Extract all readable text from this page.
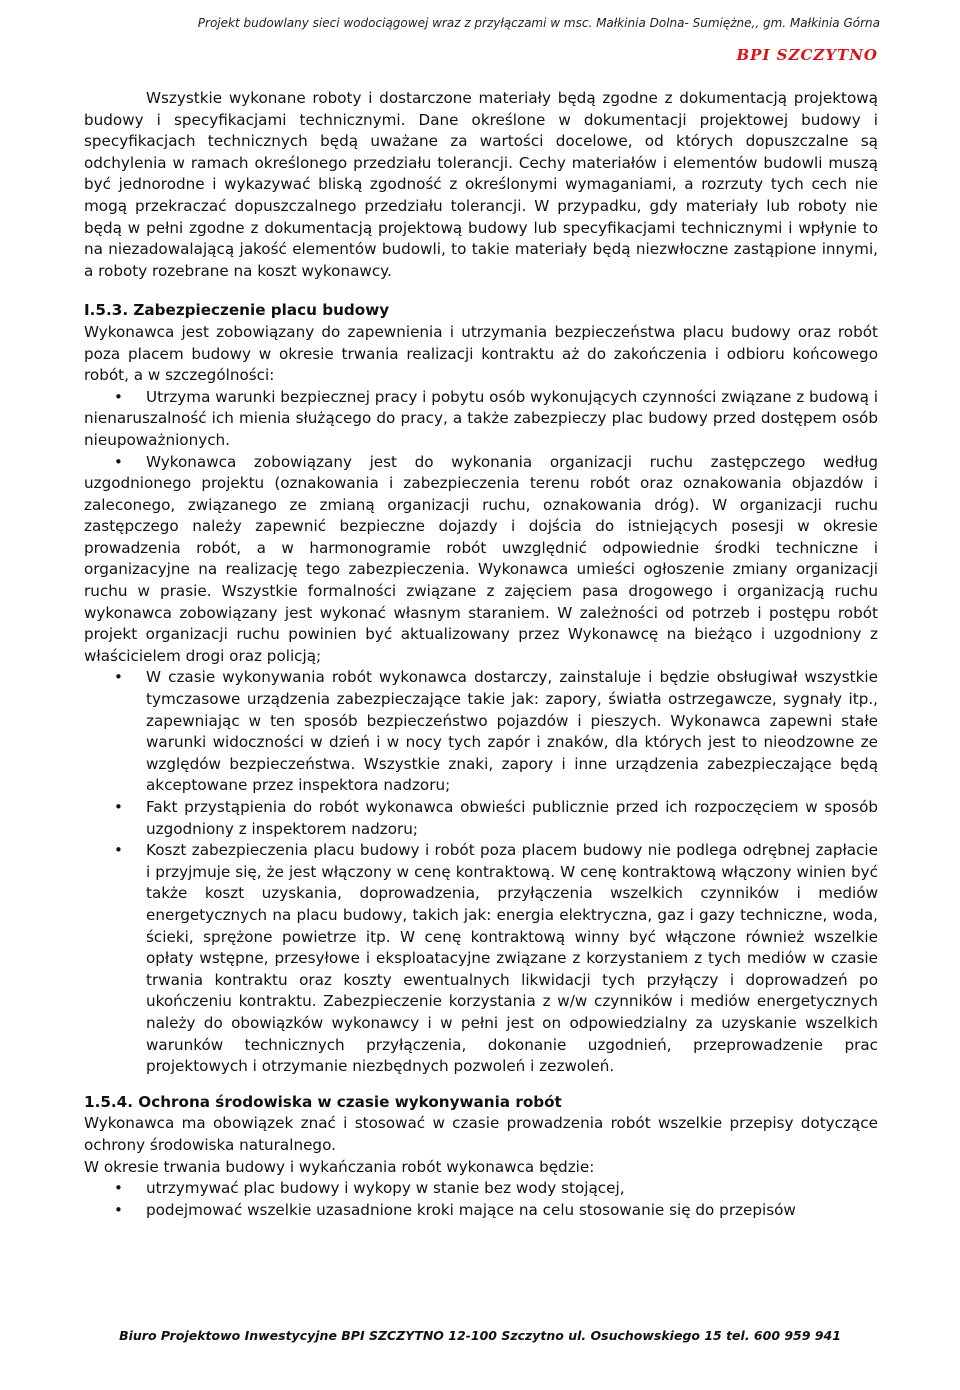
Projekt budowlany sieci wodociągowej wraz z przyłączami w msc. Małkinia Dolna- Sumiężne,, gm. Małkinia Górna
BPI SZCZYTNO

Wszystkie wykonane roboty i dostarczone materiały będą zgodne z dokumentacją projektową budowy i specyfikacjami technicznymi. Dane określone w dokumentacji projektowej budowy i specyfikacjach technicznych będą uważane za wartości docelowe, od których dopuszczalne są odchylenia w ramach określonego przedziału tolerancji. Cechy materiałów i elementów budowli muszą być jednorodne i wykazywać bliską zgodność z określonymi wymaganiami, a rozrzuty tych cech nie mogą przekraczać dopuszczalnego przedziału tolerancji. W przypadku, gdy materiały lub roboty nie będą w pełni zgodne z dokumentacją projektową budowy lub specyfikacjami technicznymi i wpłynie to na niezadowalającą jakość elementów budowli, to takie materiały będą niezwłoczne zastąpione innymi, a roboty rozebrane na koszt wykonawcy.

I.5.3. Zabezpieczenie placu budowy

Wykonawca jest zobowiązany do zapewnienia i utrzymania bezpieczeństwa placu budowy oraz robót poza placem budowy w okresie trwania realizacji kontraktu aż do zakończenia i odbioru końcowego robót, a w szczególności:

• Utrzyma warunki bezpiecznej pracy i pobytu osób wykonujących czynności związane z budową i nienaruszalność ich mienia służącego do pracy, a także zabezpieczy plac budowy przed dostępem osób nieupoważnionych.
• Wykonawca zobowiązany jest do wykonania organizacji ruchu zastępczego według uzgodnionego projektu (oznakowania i zabezpieczenia terenu robót oraz oznakowania objazdów i zaleconego, związanego ze zmianą organizacji ruchu, oznakowania dróg). W organizacji ruchu zastępczego należy zapewnić bezpieczne dojazdy i dojścia do istniejących posesji w okresie prowadzenia robót, a w harmonogramie robót uwzględnić odpowiednie środki techniczne i organizacyjne na realizację tego zabezpieczenia. Wykonawca umieści ogłoszenie zmiany organizacji ruchu w prasie. Wszystkie formalności związane z zajęciem pasa drogowego i organizacją ruchu wykonawca zobowiązany jest wykonać własnym staraniem. W zależności od potrzeb i postępu robót projekt organizacji ruchu powinien być aktualizowany przez Wykonawcę na bieżąco i uzgodniony z właścicielem drogi oraz policją;
• W czasie wykonywania robót wykonawca dostarczy, zainstaluje i będzie obsługiwał wszystkie tymczasowe urządzenia zabezpieczające takie jak: zapory, światła ostrzegawcze, sygnały itp., zapewniając w ten sposób bezpieczeństwo pojazdów i pieszych. Wykonawca zapewni stałe warunki widoczności w dzień i w nocy tych zapór i znaków, dla których jest to nieodzowne ze względów bezpieczeństwa. Wszystkie znaki, zapory i inne urządzenia zabezpieczające będą akceptowane przez inspektora nadzoru;
• Fakt przystąpienia do robót wykonawca obwieści publicznie przed ich rozpoczęciem w sposób uzgodniony z inspektorem nadzoru;
• Koszt zabezpieczenia placu budowy i robót poza placem budowy nie podlega odrębnej zapłacie i przyjmuje się, że jest włączony w cenę kontraktową. W cenę kontraktową włączony winien być także koszt uzyskania, doprowadzenia, przyłączenia wszelkich czynników i mediów energetycznych na placu budowy, takich jak: energia elektryczna, gaz i gazy techniczne, woda, ścieki, sprężone powietrze itp. W cenę kontraktową winny być włączone również wszelkie opłaty wstępne, przesyłowe i eksploatacyjne związane z korzystaniem z tych mediów w czasie trwania kontraktu oraz koszty ewentualnych likwidacji tych przyłączy i doprowadzeń po ukończeniu kontraktu. Zabezpieczenie korzystania z w/w czynników i mediów energetycznych należy do obowiązków wykonawcy i w pełni jest on odpowiedzialny za uzyskanie wszelkich warunków technicznych przyłączenia, dokonanie uzgodnień, przeprowadzenie prac projektowych i otrzymanie niezbędnych pozwoleń i zezwoleń.
1.5.4. Ochrona środowiska w czasie wykonywania robót

Wykonawca ma obowiązek znać i stosować w czasie prowadzenia robót wszelkie przepisy dotyczące ochrony środowiska naturalnego.

W okresie trwania budowy i wykańczania robót wykonawca będzie:

• utrzymywać plac budowy i wykopy w stanie bez wody stojącej,
• podejmować wszelkie uzasadnione kroki mające na celu stosowanie się do przepisów
Biuro Projektowo Inwestycyjne BPI SZCZYTNO 12-100 Szczytno ul. Osuchowskiego 15 tel. 600 959 941
